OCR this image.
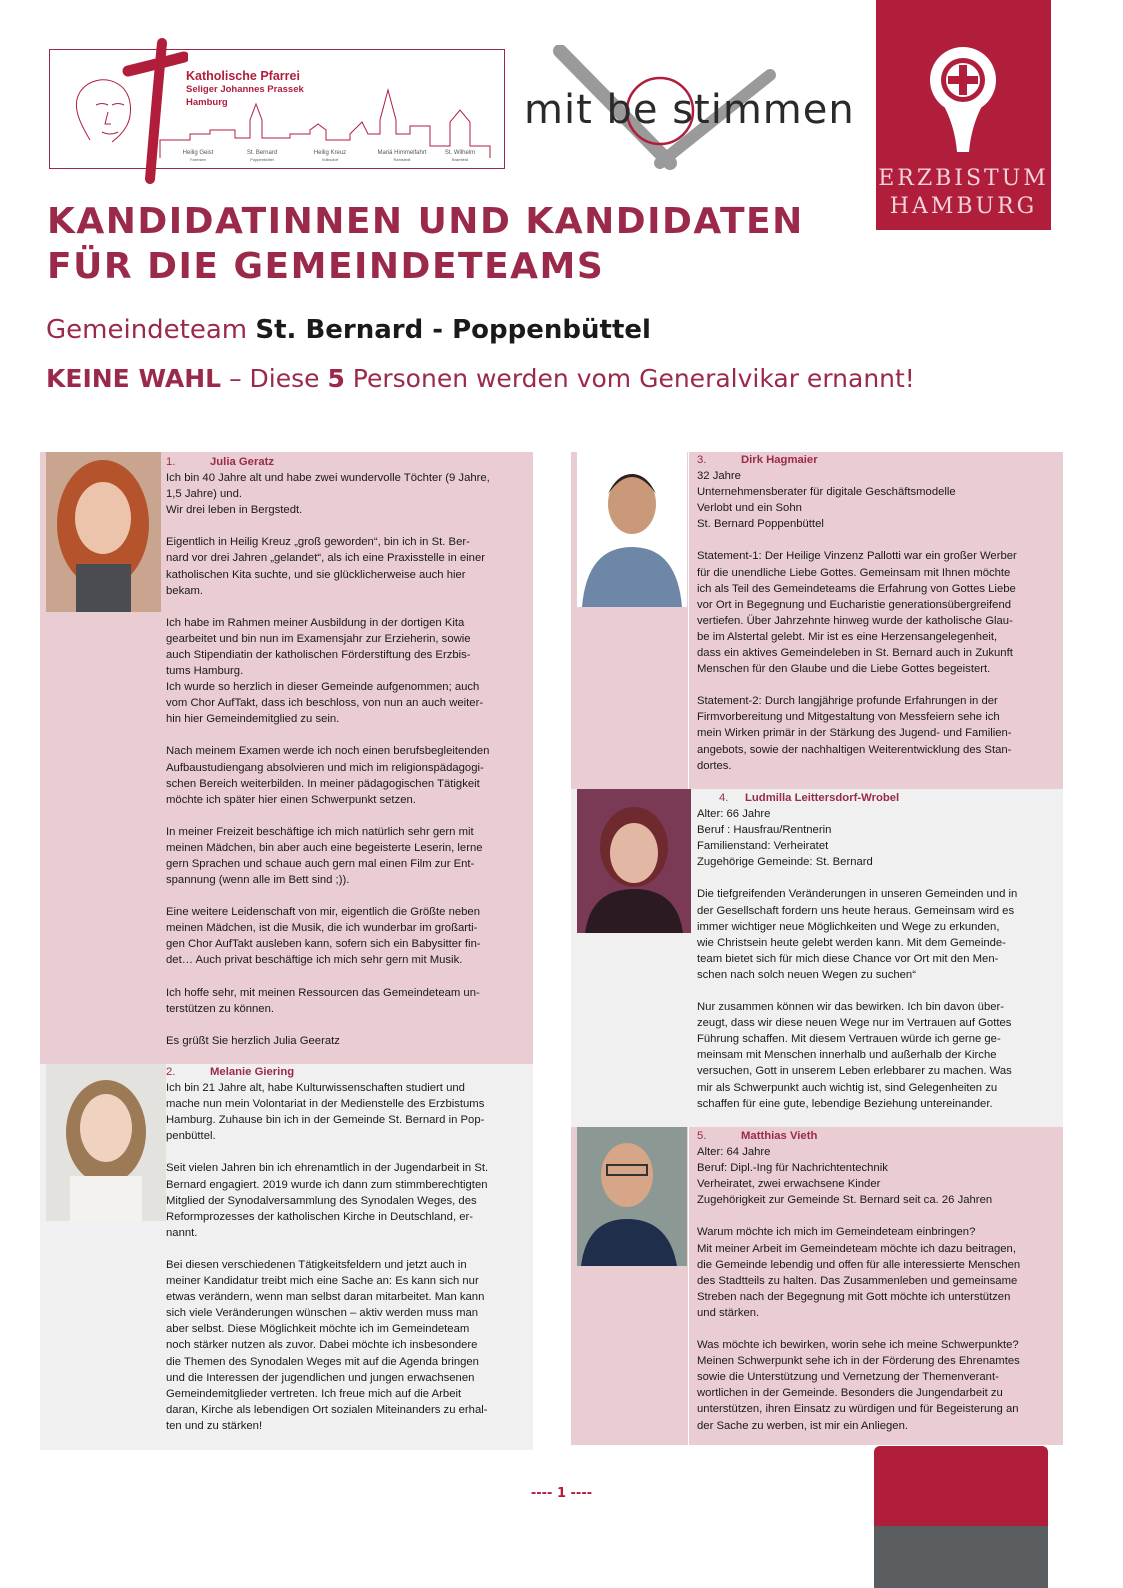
Katholische Pfarrei
Seliger Johannes Prassek
Hamburg
Heilig Geist	St. Bernard	Heilig Kreuz	Mariä Himmelfahrt	St. Wilhelm
Farmsen	Poppenbüttel	Volksdorf	Rahlstedt	Bramfeld
mit be stimmen
ERZBISTUM
HAMBURG
KANDIDATINNEN UND KANDIDATEN
FÜR DIE GEMEINDETEAMS
Gemeindeteam St. Bernard - Poppenbüttel
KEINE WAHL – Diese 5 Personen werden vom Generalvikar ernannt!
1.	Julia Geratz

Ich bin 40 Jahre alt und habe zwei wundervolle Töchter (9 Jahre,

1,5 Jahre) und.

Wir drei leben in Bergstedt.

Eigentlich in Heilig Kreuz „groß geworden“, bin ich in St. Ber-

nard vor drei Jahren „gelandet“, als ich eine Praxisstelle in einer

katholischen Kita suchte, und sie glücklicherweise auch hier

bekam.

Ich habe im Rahmen meiner Ausbildung in der dortigen Kita

gearbeitet und bin nun im Examensjahr zur Erzieherin, sowie

auch Stipendiatin der katholischen Förderstiftung des Erzbis-

tums Hamburg.

Ich wurde so herzlich in dieser Gemeinde aufgenommen; auch

vom Chor AufTakt, dass ich beschloss, von nun an auch weiter-

hin hier Gemeindemitglied zu sein.

Nach meinem Examen werde ich noch einen berufsbegleitenden

Aufbaustudiengang absolvieren und mich im religionspädagogi-

schen Bereich weiterbilden. In meiner pädagogischen Tätigkeit

möchte ich später hier einen Schwerpunkt setzen.

In meiner Freizeit beschäftige ich mich natürlich sehr gern mit

meinen Mädchen, bin aber auch eine begeisterte Leserin, lerne

gern Sprachen und schaue auch gern mal einen Film zur Ent-

spannung (wenn alle im Bett sind ;)).

Eine weitere Leidenschaft von mir, eigentlich die Größte neben

meinen Mädchen, ist die Musik, die ich wunderbar im großarti-

gen Chor AufTakt ausleben kann, sofern sich ein Babysitter fin-

det… Auch privat beschäftige ich mich sehr gern mit Musik.

Ich hoffe sehr, mit meinen Ressourcen das Gemeindeteam un-

terstützen zu können.

Es grüßt Sie herzlich Julia Geeratz

2.	Melanie Giering

Ich bin 21 Jahre alt, habe Kulturwissenschaften studiert und

mache nun mein Volontariat in der Medienstelle des Erzbistums

Hamburg. Zuhause bin ich in der Gemeinde St. Bernard in Pop-

penbüttel.

Seit vielen Jahren bin ich ehrenamtlich in der Jugendarbeit in St.

Bernard engagiert. 2019 wurde ich dann zum stimmberechtigten

Mitglied der Synodalversammlung des Synodalen Weges, des

Reformprozesses der katholischen Kirche in Deutschland, er-

nannt.

Bei diesen verschiedenen Tätigkeitsfeldern und jetzt auch in

meiner Kandidatur treibt mich eine Sache an: Es kann sich nur

etwas verändern, wenn man selbst daran mitarbeitet. Man kann

sich viele Veränderungen wünschen – aktiv werden muss man

aber selbst. Diese Möglichkeit möchte ich im Gemeindeteam

noch stärker nutzen als zuvor. Dabei möchte ich insbesondere

die Themen des Synodalen Weges mit auf die Agenda bringen

und die Interessen der jugendlichen und jungen erwachsenen

Gemeindemitglieder vertreten. Ich freue mich auf die Arbeit

daran, Kirche als lebendigen Ort sozialen Miteinanders zu erhal-

ten und zu stärken!

3.	Dirk Hagmaier

32 Jahre

Unternehmensberater für digitale Geschäftsmodelle

Verlobt und ein Sohn

St. Bernard Poppenbüttel

Statement-1: Der Heilige Vinzenz Pallotti war ein großer Werber

für die unendliche Liebe Gottes. Gemeinsam mit Ihnen möchte

ich als Teil des Gemeindeteams die Erfahrung von Gottes Liebe

vor Ort in Begegnung und Eucharistie generationsübergreifend

vertiefen. Über Jahrzehnte hinweg wurde der katholische Glau-

be im Alstertal gelebt. Mir ist es eine Herzensangelegenheit,

dass ein aktives Gemeindeleben in St. Bernard auch in Zukunft

Menschen für den Glaube und die Liebe Gottes begeistert.

Statement-2: Durch langjährige profunde Erfahrungen in der

Firmvorbereitung und Mitgestaltung von Messfeiern sehe ich

mein Wirken primär in der Stärkung des Jugend- und Familien-

angebots, sowie der nachhaltigen Weiterentwicklung des Stan-

dortes.

4. Ludmilla Leittersdorf-Wrobel

Alter: 66 Jahre

Beruf : Hausfrau/Rentnerin

Familienstand: Verheiratet

Zugehörige Gemeinde: St. Bernard

Die tiefgreifenden Veränderungen in unseren Gemeinden und in

der Gesellschaft fordern uns heute heraus. Gemeinsam wird es

immer wichtiger neue Möglichkeiten und Wege zu erkunden,

wie Christsein heute gelebt werden kann. Mit dem Gemeinde-

team bietet sich für mich diese Chance vor Ort mit den Men-

schen nach solch neuen Wegen zu suchen“

Nur zusammen können wir das bewirken. Ich bin davon über-

zeugt, dass wir diese neuen Wege nur im Vertrauen auf Gottes

Führung schaffen. Mit diesem Vertrauen würde ich gerne ge-

meinsam mit Menschen innerhalb und außerhalb der Kirche

versuchen, Gott in unserem Leben erlebbarer zu machen. Was

mir als Schwerpunkt auch wichtig ist, sind Gelegenheiten zu

schaffen für eine gute, lebendige Beziehung untereinander.

5.	Matthias Vieth

Alter: 64 Jahre

Beruf: Dipl.-Ing für Nachrichtentechnik

Verheiratet, zwei erwachsene Kinder

Zugehörigkeit zur Gemeinde St. Bernard seit ca. 26 Jahren

Warum möchte ich mich im Gemeindeteam einbringen?

Mit meiner Arbeit im Gemeindeteam möchte ich dazu beitragen,

die Gemeinde lebendig und offen für alle interessierte Menschen

des Stadtteils zu halten. Das Zusammenleben und gemeinsame

Streben nach der Begegnung mit Gott möchte ich unterstützen

und stärken.

Was möchte ich bewirken, worin sehe ich meine Schwerpunkte?

Meinen Schwerpunkt sehe ich in der Förderung des Ehrenamtes

sowie die Unterstützung und Vernetzung der Themenverant-

wortlichen in der Gemeinde. Besonders die Jungendarbeit zu

unterstützen, ihren Einsatz zu würdigen und für Begeisterung an

der Sache zu werben, ist mir ein Anliegen.

---- 1 ----
